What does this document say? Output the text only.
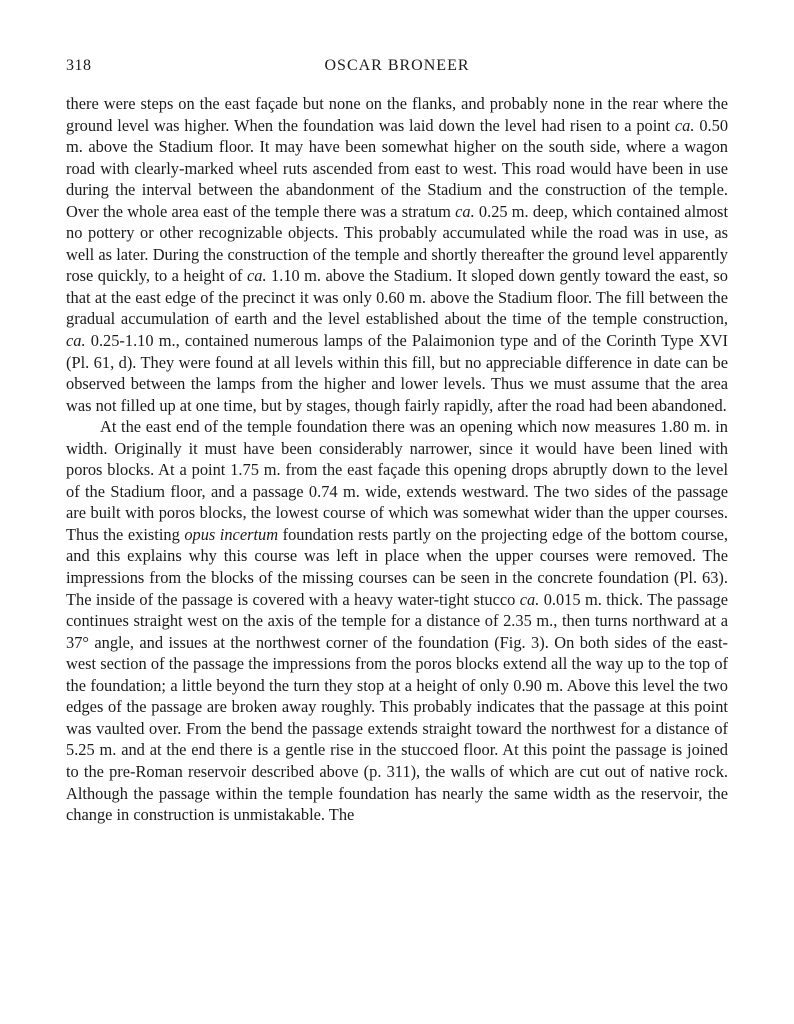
318	OSCAR BRONEER

there were steps on the east façade but none on the flanks, and probably none in the rear where the ground level was higher. When the foundation was laid down the level had risen to a point ca. 0.50 m. above the Stadium floor. It may have been somewhat higher on the south side, where a wagon road with clearly-marked wheel ruts ascended from east to west. This road would have been in use during the interval between the abandonment of the Stadium and the construction of the temple. Over the whole area east of the temple there was a stratum ca. 0.25 m. deep, which contained almost no pottery or other recognizable objects. This probably accumulated while the road was in use, as well as later. During the construction of the temple and shortly thereafter the ground level apparently rose quickly, to a height of ca. 1.10 m. above the Stadium. It sloped down gently toward the east, so that at the east edge of the precinct it was only 0.60 m. above the Stadium floor. The fill between the gradual accumulation of earth and the level established about the time of the temple construction, ca. 0.25-1.10 m., contained numerous lamps of the Palaimonion type and of the Corinth Type XVI (Pl. 61, d). They were found at all levels within this fill, but no appreciable difference in date can be observed between the lamps from the higher and lower levels. Thus we must assume that the area was not filled up at one time, but by stages, though fairly rapidly, after the road had been abandoned.

At the east end of the temple foundation there was an opening which now measures 1.80 m. in width. Originally it must have been considerably narrower, since it would have been lined with poros blocks. At a point 1.75 m. from the east façade this opening drops abruptly down to the level of the Stadium floor, and a passage 0.74 m. wide, extends westward. The two sides of the passage are built with poros blocks, the lowest course of which was somewhat wider than the upper courses. Thus the existing opus incertum foundation rests partly on the projecting edge of the bottom course, and this explains why this course was left in place when the upper courses were removed. The impressions from the blocks of the missing courses can be seen in the concrete foundation (Pl. 63). The inside of the passage is covered with a heavy water-tight stucco ca. 0.015 m. thick. The passage continues straight west on the axis of the temple for a distance of 2.35 m., then turns northward at a 37° angle, and issues at the northwest corner of the foundation (Fig. 3). On both sides of the east-west section of the passage the impressions from the poros blocks extend all the way up to the top of the foundation; a little beyond the turn they stop at a height of only 0.90 m. Above this level the two edges of the passage are broken away roughly. This probably indicates that the passage at this point was vaulted over. From the bend the passage extends straight toward the northwest for a distance of 5.25 m. and at the end there is a gentle rise in the stuccoed floor. At this point the passage is joined to the pre-Roman reservoir described above (p. 311), the walls of which are cut out of native rock. Although the passage within the temple foundation has nearly the same width as the reservoir, the change in construction is unmistakable. The
